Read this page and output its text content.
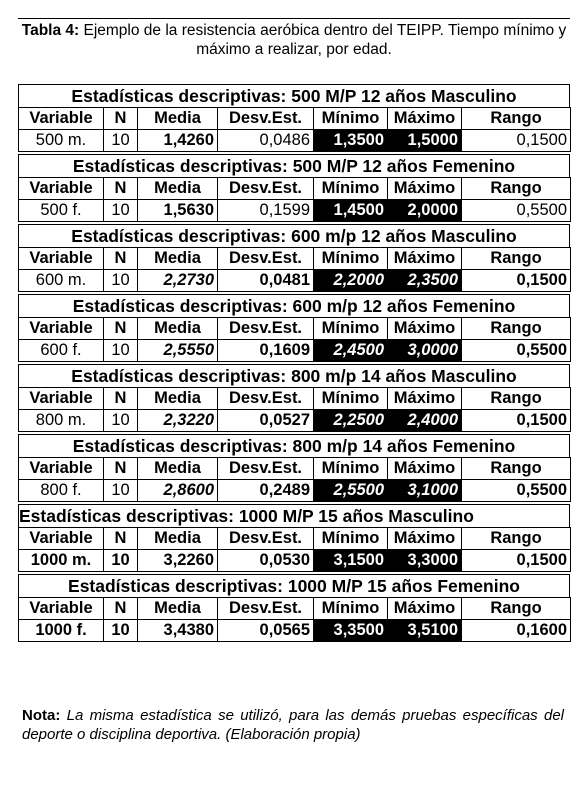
Tabla 4: Ejemplo de la resistencia aeróbica dentro del TEIPP. Tiempo mínimo y máximo a realizar, por edad.
Estadísticas descriptivas: 500 M/P 12 años Masculino
Variable	N	Media	Desv.Est.	Mínimo	Máximo	Rango
500 m.	10	1,4260	0,0486	1,3500	1,5000	0,1500
Estadísticas descriptivas: 500 M/P 12 años Femenino
Variable	N	Media	Desv.Est.	Mínimo	Máximo	Rango
500 f.	10	1,5630	0,1599	1,4500	2,0000	0,5500
Estadísticas descriptivas: 600 m/p 12 años Masculino
Variable	N	Media	Desv.Est.	Mínimo	Máximo	Rango
600 m.	10	2,2730	0,0481	2,2000	2,3500	0,1500
Estadísticas descriptivas: 600 m/p 12 años Femenino
Variable	N	Media	Desv.Est.	Mínimo	Máximo	Rango
600 f.	10	2,5550	0,1609	2,4500	3,0000	0,5500
Estadísticas descriptivas: 800 m/p 14 años Masculino
Variable	N	Media	Desv.Est.	Mínimo	Máximo	Rango
800 m.	10	2,3220	0,0527	2,2500	2,4000	0,1500
Estadísticas descriptivas: 800 m/p 14 años Femenino
Variable	N	Media	Desv.Est.	Mínimo	Máximo	Rango
800 f.	10	2,8600	0,2489	2,5500	3,1000	0,5500
Estadísticas descriptivas: 1000 M/P 15 años Masculino
Variable	N	Media	Desv.Est.	Mínimo	Máximo	Rango
1000 m.	10	3,2260	0,0530	3,1500	3,3000	0,1500
Estadísticas descriptivas: 1000 M/P 15 años Femenino
Variable	N	Media	Desv.Est.	Mínimo	Máximo	Rango
1000 f.	10	3,4380	0,0565	3,3500	3,5100	0,1600
Nota: La misma estadística se utilizó, para las demás pruebas específicas del deporte o disciplina deportiva. (Elaboración propia)
